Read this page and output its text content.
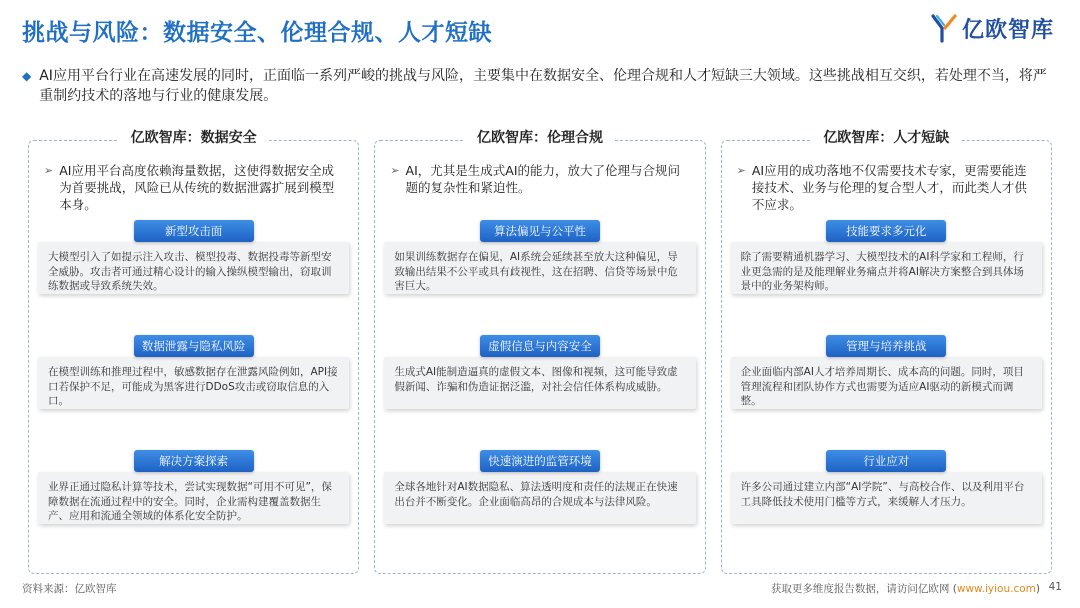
挑战与风险：数据安全、伦理合规、人才短缺	亿欧智库
◆ AI应用平台行业在高速发展的同时，正面临一系列严峻的挑战与风险，主要集中在数据安全、伦理合规和人才短缺三大领域。这些挑战相互交织，若处理不当，将严重制约技术的落地与行业的健康发展。
亿欧智库：数据安全
➢ AI应用平台高度依赖海量数据，这使得数据安全成为首要挑战，风险已从传统的数据泄露扩展到模型本身。
新型攻击面
大模型引入了如提示注入攻击、模型投毒、数据投毒等新型安全威胁。攻击者可通过精心设计的输入操纵模型输出，窃取训练数据或导致系统失效。
数据泄露与隐私风险
在模型训练和推理过程中，敏感数据存在泄露风险例如，API接口若保护不足，可能成为黑客进行DDoS攻击或窃取信息的入口。
解决方案探索
业界正通过隐私计算等技术，尝试实现数据“可用不可见”，保障数据在流通过程中的安全。同时，企业需构建覆盖数据生产、应用和流通全领域的体系化安全防护。
亿欧智库：伦理合规
➢ AI，尤其是生成式AI的能力，放大了伦理与合规问题的复杂性和紧迫性。
算法偏见与公平性
如果训练数据存在偏见，AI系统会延续甚至放大这种偏见，导致输出结果不公平或具有歧视性，这在招聘、信贷等场景中危害巨大。
虚假信息与内容安全
生成式AI能制造逼真的虚假文本、图像和视频，这可能导致虚假新闻、诈骗和伪造证据泛滥，对社会信任体系构成威胁。
快速演进的监管环境
全球各地针对AI数据隐私、算法透明度和责任的法规正在快速出台并不断变化。企业面临高昂的合规成本与法律风险。
亿欧智库：人才短缺
➢ AI应用的成功落地不仅需要技术专家，更需要能连接技术、业务与伦理的复合型人才，而此类人才供不应求。
技能要求多元化
除了需要精通机器学习、大模型技术的AI科学家和工程师，行业更急需的是及能理解业务痛点并将AI解决方案整合到具体场景中的业务架构师。
管理与培养挑战
企业面临内部AI人才培养周期长、成本高的问题。同时，项目管理流程和团队协作方式也需要为适应AI驱动的新模式而调整。
行业应对
许多公司通过建立内部“AI学院”、与高校合作、以及利用平台工具降低技术使用门槛等方式，来缓解人才压力。
资料来源：亿欧智库	获取更多维度报告数据，请访问亿欧网 (www.iyiou.com) 41
